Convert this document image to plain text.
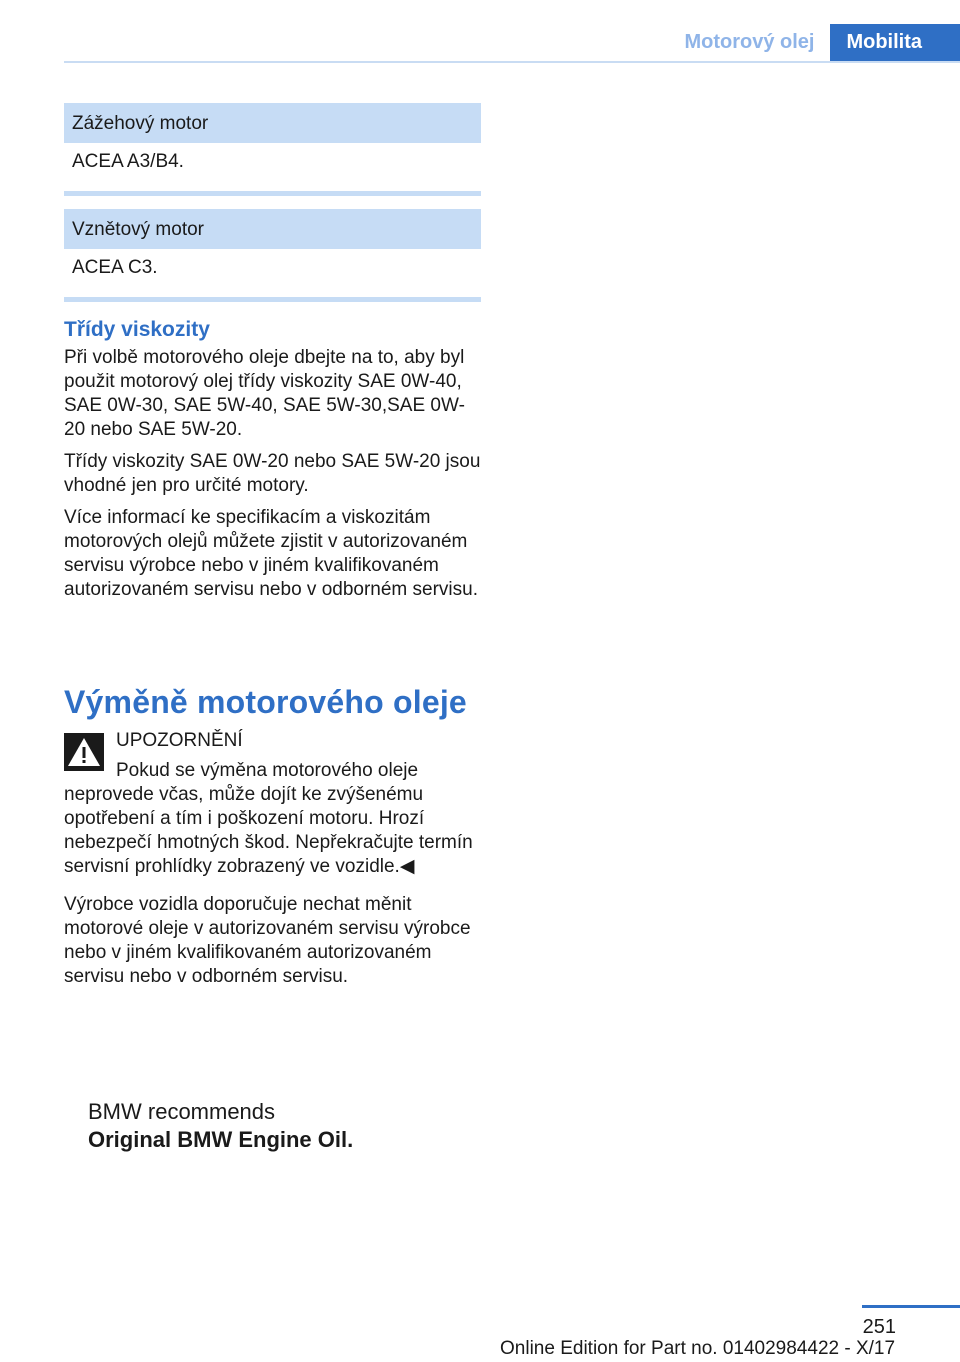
Motorový olej	Mobilita
Zážehový motor
ACEA A3/B4.
Vznětový motor
ACEA C3.
Třídy viskozity

Při volbě motorového oleje dbejte na to, aby byl použit motorový olej třídy viskozity SAE 0W-40, SAE 0W-30, SAE 5W-40, SAE 5W-30,SAE 0W-20 nebo SAE 5W-20.

Třídy viskozity SAE 0W-20 nebo SAE 5W-20 jsou vhodné jen pro určité motory.

Více informací ke specifikacím a viskozitám motorových olejů můžete zjistit v autorizovaném servisu výrobce nebo v jiném kvalifikovaném autorizovaném servisu nebo v odborném servisu.

Výměně motorového oleje
UPOZORNĚNÍ

Pokud se výměna motorového oleje neprovede včas, může dojít ke zvýšenému opotřebení a tím i poškození motoru. Hrozí nebezpečí hmotných škod. Nepřekračujte termín servisní prohlídky zobrazený ve vozidle.◀

Výrobce vozidla doporučuje nechat měnit motorové oleje v autorizovaném servisu výrobce nebo v jiném kvalifikovaném autorizovaném servisu nebo v odborném servisu.

BMW recommends
Original BMW Engine Oil.
251
Online Edition for Part no. 01402984422 - X/17
